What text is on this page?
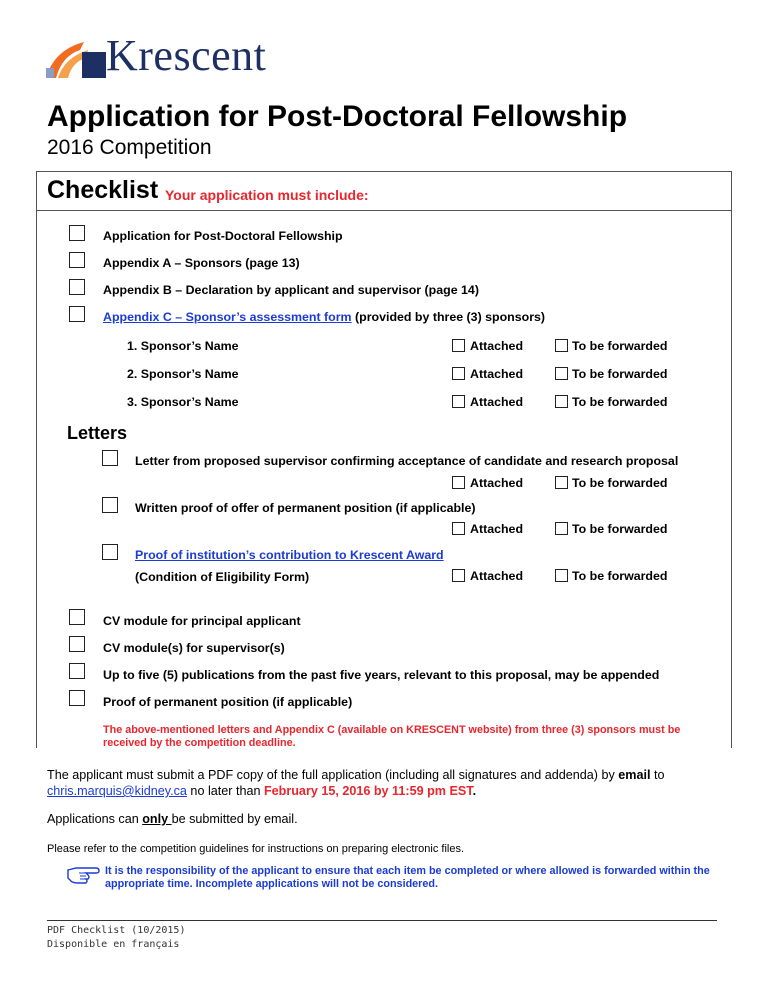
Krescent
Application for Post-Doctoral Fellowship
2016 Competition
Checklist Your application must include:
Application for Post-Doctoral Fellowship
Appendix A – Sponsors (page 13)
Appendix B – Declaration by applicant and supervisor (page 14)
Appendix C – Sponsor’s assessment form (provided by three (3) sponsors)
1. Sponsor’s Name	Attached	To be forwarded
2. Sponsor’s Name	Attached	To be forwarded
3. Sponsor’s Name	Attached	To be forwarded
Letters
Letter from proposed supervisor confirming acceptance of candidate and research proposal
Attached	To be forwarded
Written proof of offer of permanent position (if applicable)
Attached	To be forwarded
Proof of institution’s contribution to Krescent Award
(Condition of Eligibility Form)	Attached	To be forwarded
CV module for principal applicant
CV module(s) for supervisor(s)
Up to five (5) publications from the past five years, relevant to this proposal, may be appended
Proof of permanent position (if applicable)
The above-mentioned letters and Appendix C (available on KRESCENT website) from three (3) sponsors must be received by the competition deadline.
The applicant must submit a PDF copy of the full application (including all signatures and addenda) by email to
chris.marquis@kidney.ca no later than February 15, 2016 by 11:59 pm EST.
Applications can only be submitted by email.
Please refer to the competition guidelines for instructions on preparing electronic files.
It is the responsibility of the applicant to ensure that each item be completed or where allowed is forwarded within the appropriate time. Incomplete applications will not be considered.
PDF Checklist (10/2015)
Disponible en français
